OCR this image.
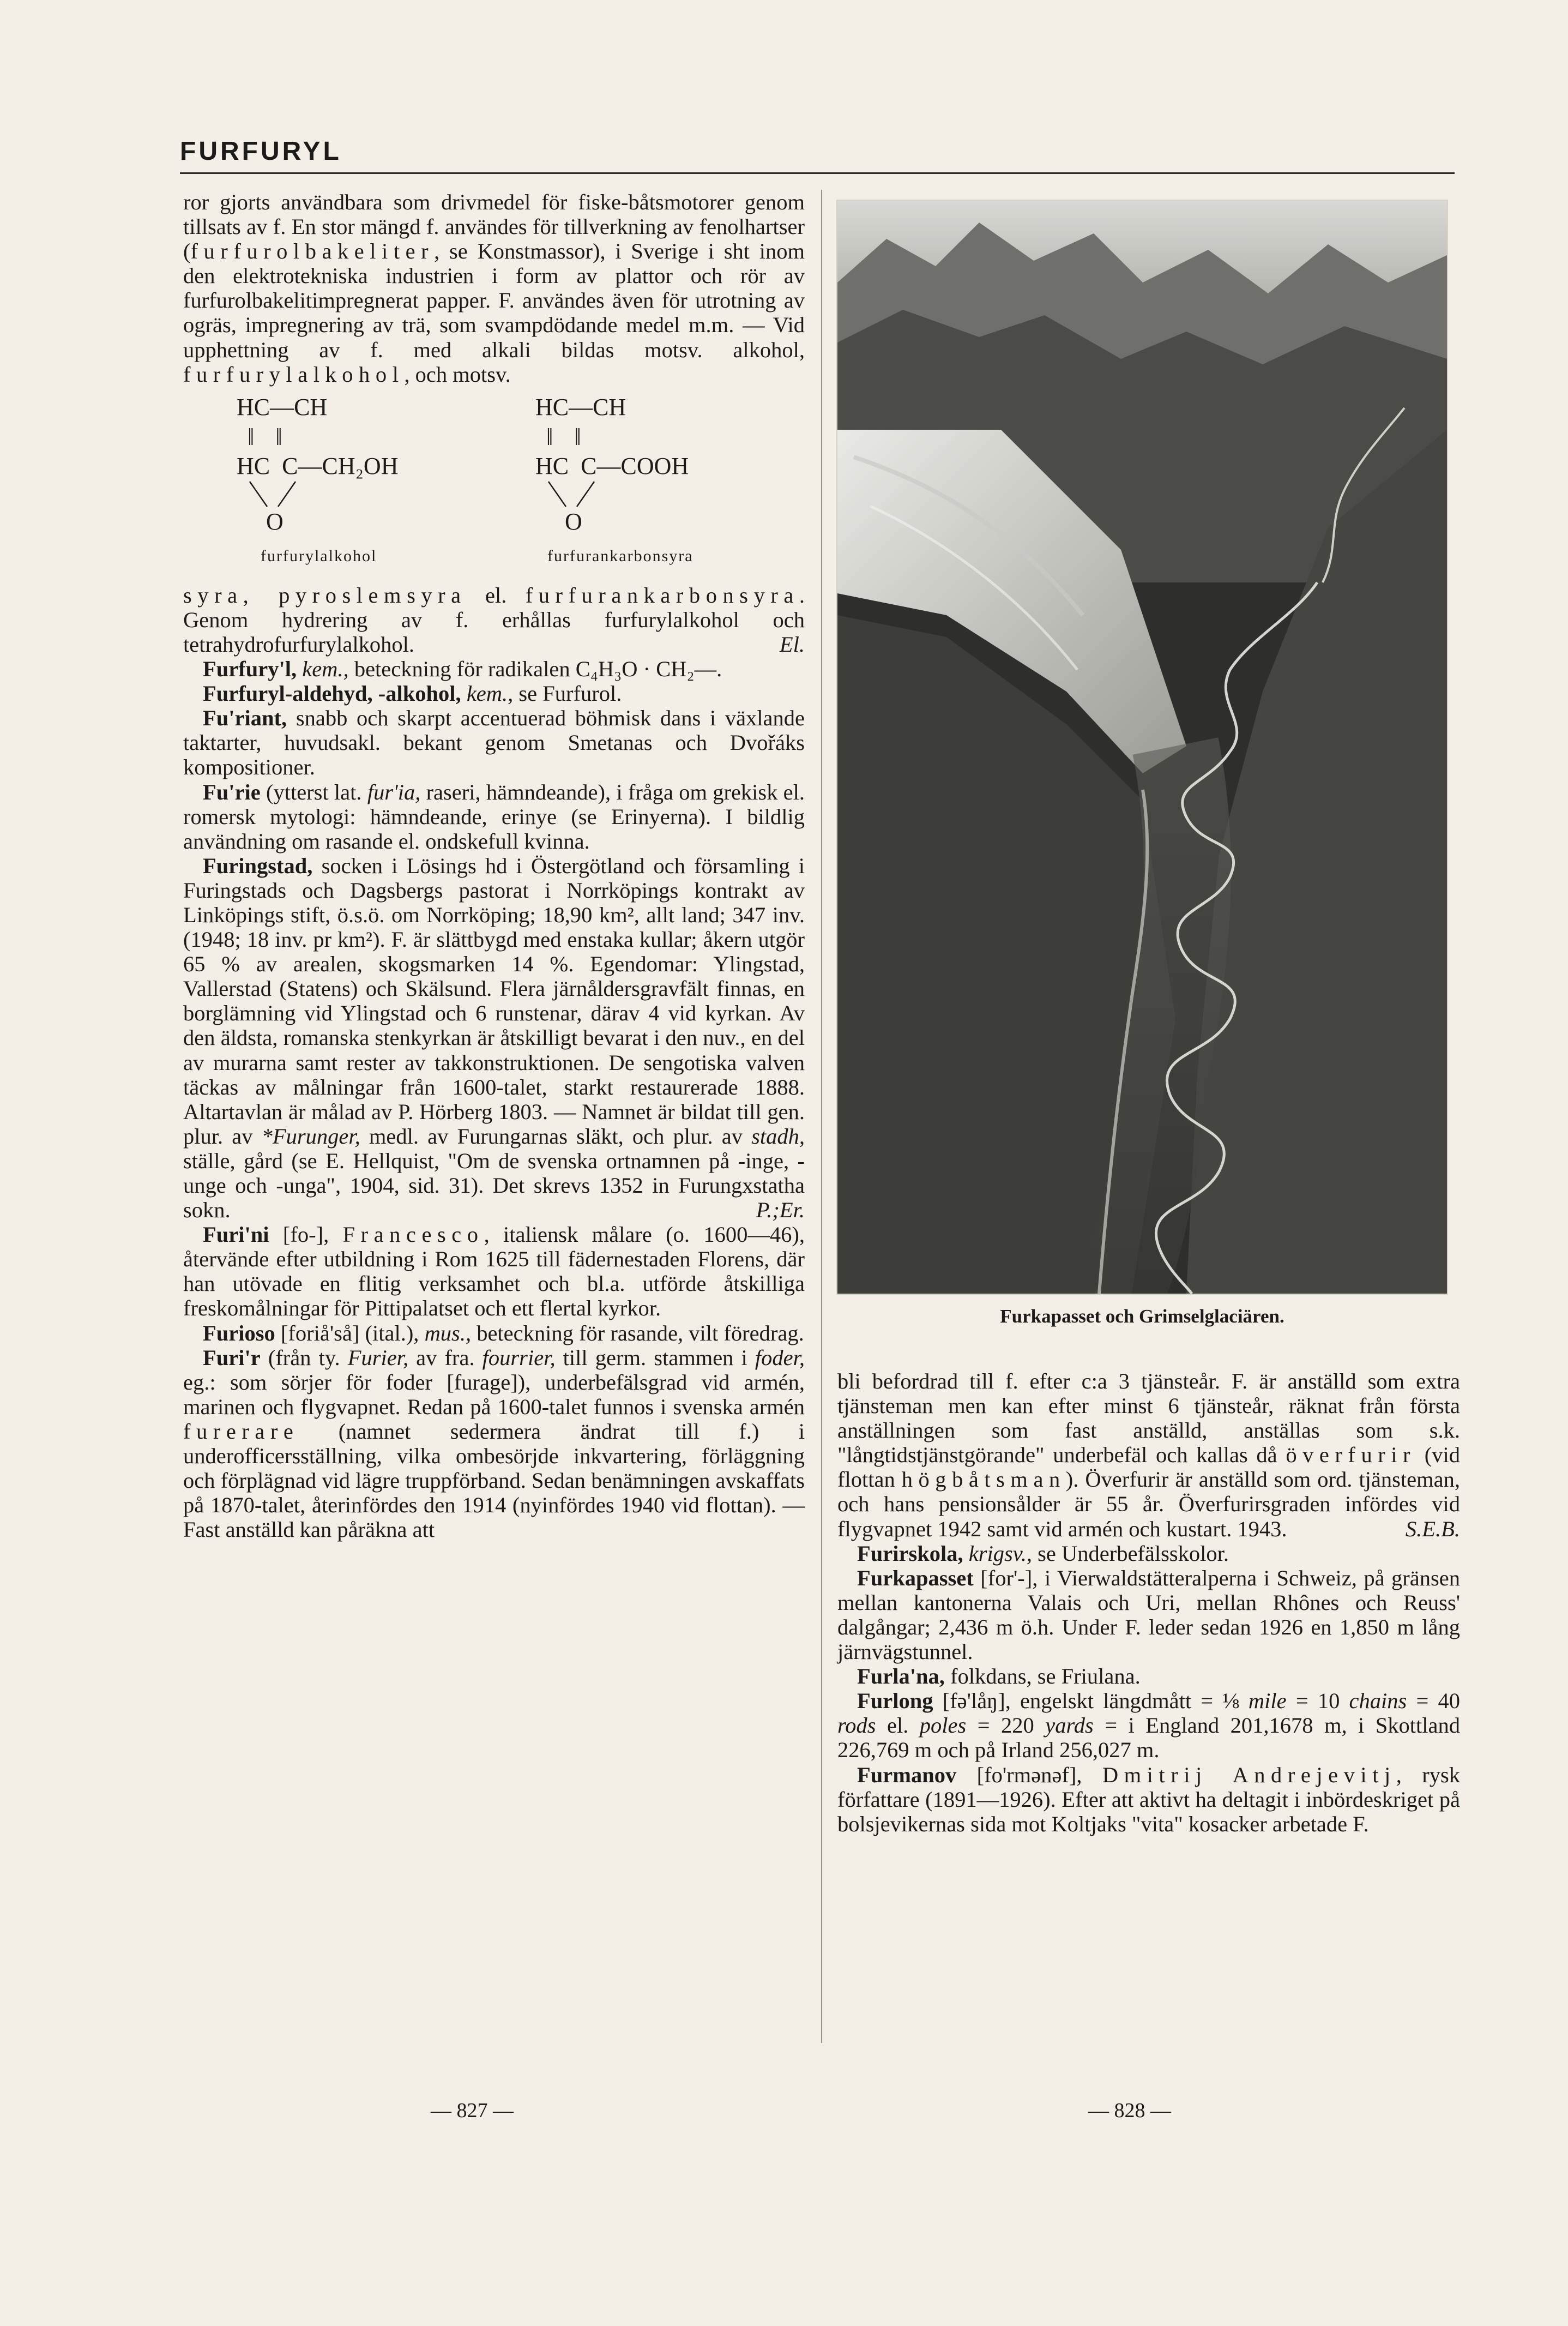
FURFURYL

ror gjorts användbara som drivmedel för fiske-båtsmotorer genom tillsats av f. En stor mängd f. användes för tillverkning av fenolhartser (furfurolbakeliter, se Konstmassor), i Sverige i sht inom den elektrotekniska industrien i form av plattor och rör av furfurolbakelitimpregnerat papper. F. användes även för utrotning av ogräs, impregnering av trä, som svampdödande medel m.m. — Vid upphettning av f. med alkali bildas motsv. alkohol, furfurylalkohol, och motsv.

HC—CH
‖ ‖
HC  C—CH₂OH
O
furfurylalkohol
HC—CH
‖ ‖
HC  C—COOH
O
furfurankarbonsyra

syra, pyroslemsyra el. furfurankarbonsyra. Genom hydrering av f. erhållas furfurylalkohol och tetrahydrofurfurylalkohol.	El.

Furfury'l, kem., beteckning för radikalen C₄H₃O · CH₂—.

Furfuryl-aldehyd, -alkohol, kem., se Furfurol.

Fu'riant, snabb och skarpt accentuerad böhmisk dans i växlande taktarter, huvudsakl. bekant genom Smetanas och Dvořáks kompositioner.

Fu'rie (ytterst lat. fur'ia, raseri, hämndeande), i fråga om grekisk el. romersk mytologi: hämndeande, erinye (se Erinyerna). I bildlig användning om rasande el. ondskefull kvinna.

Furingstad, socken i Lösings hd i Östergötland och församling i Furingstads och Dagsbergs pastorat i Norrköpings kontrakt av Linköpings stift, ö.s.ö. om Norrköping; 18,90 km², allt land; 347 inv. (1948; 18 inv. pr km²). F. är slättbygd med enstaka kullar; åkern utgör 65 % av arealen, skogsmarken 14 %. Egendomar: Ylingstad, Vallerstad (Statens) och Skälsund. Flera järnåldersgravfält finnas, en borglämning vid Ylingstad och 6 runstenar, därav 4 vid kyrkan. Av den äldsta, romanska stenkyrkan är åtskilligt bevarat i den nuv., en del av murarna samt rester av takkonstruktionen. De sengotiska valven täckas av målningar från 1600-talet, starkt restaurerade 1888. Altartavlan är målad av P. Hörberg 1803. — Namnet är bildat till gen. plur. av *Furunger, medl. av Furungarnas släkt, och plur. av stadh, ställe, gård (se E. Hellquist, "Om de svenska ortnamnen på -inge, -unge och -unga", 1904, sid. 31). Det skrevs 1352 in Furungxstatha sokn.	P.;Er.

Furi'ni [fo-], Francesco, italiensk målare (o. 1600—46), återvände efter utbildning i Rom 1625 till fädernestaden Florens, där han utövade en flitig verksamhet och bl.a. utförde åtskilliga freskomålningar för Pittipalatset och ett flertal kyrkor.

Furioso [foriå'så] (ital.), mus., beteckning för rasande, vilt föredrag.

Furi'r (från ty. Furier, av fra. fourrier, till germ. stammen i foder, eg.: som sörjer för foder [furage]), underbefälsgrad vid armén, marinen och flygvapnet. Redan på 1600-talet funnos i svenska armén furerare (namnet sedermera ändrat till f.) i underofficersställning, vilka ombesörjde inkvartering, förläggning och förplägnad vid lägre truppförband. Sedan benämningen avskaffats på 1870-talet, återinfördes den 1914 (nyinfördes 1940 vid flottan). — Fast anställd kan påräkna att

Furkapasset och Grimselglaciären.

bli befordrad till f. efter c:a 3 tjänsteår. F. är anställd som extra tjänsteman men kan efter minst 6 tjänsteår, räknat från första anställningen som fast anställd, anställas som s.k. "långtidstjänstgörande" underbefäl och kallas då överfurir (vid flottan högbåtsman). Överfurir är anställd som ord. tjänsteman, och hans pensionsålder är 55 år. Överfurirsgraden infördes vid flygvapnet 1942 samt vid armén och kustart. 1943.	S.E.B.

Furirskola, krigsv., se Underbefälsskolor.

Furkapasset [for'-], i Vierwaldstätteralperna i Schweiz, på gränsen mellan kantonerna Valais och Uri, mellan Rhônes och Reuss' dalgångar; 2,436 m ö.h. Under F. leder sedan 1926 en 1,850 m lång järnvägstunnel.

Furla'na, folkdans, se Friulana.

Furlong [fə'låŋ], engelskt längdmått = ⅛ mile = 10 chains = 40 rods el. poles = 220 yards = i England 201,1678 m, i Skottland 226,769 m och på Irland 256,027 m.

Furmanov [fo'rmənəf], Dmitrij Andrejevitj, rysk författare (1891—1926). Efter att aktivt ha deltagit i inbördeskriget på bolsjevikernas sida mot Koltjaks "vita" kosacker arbetade F.

— 827 —	— 828 —
